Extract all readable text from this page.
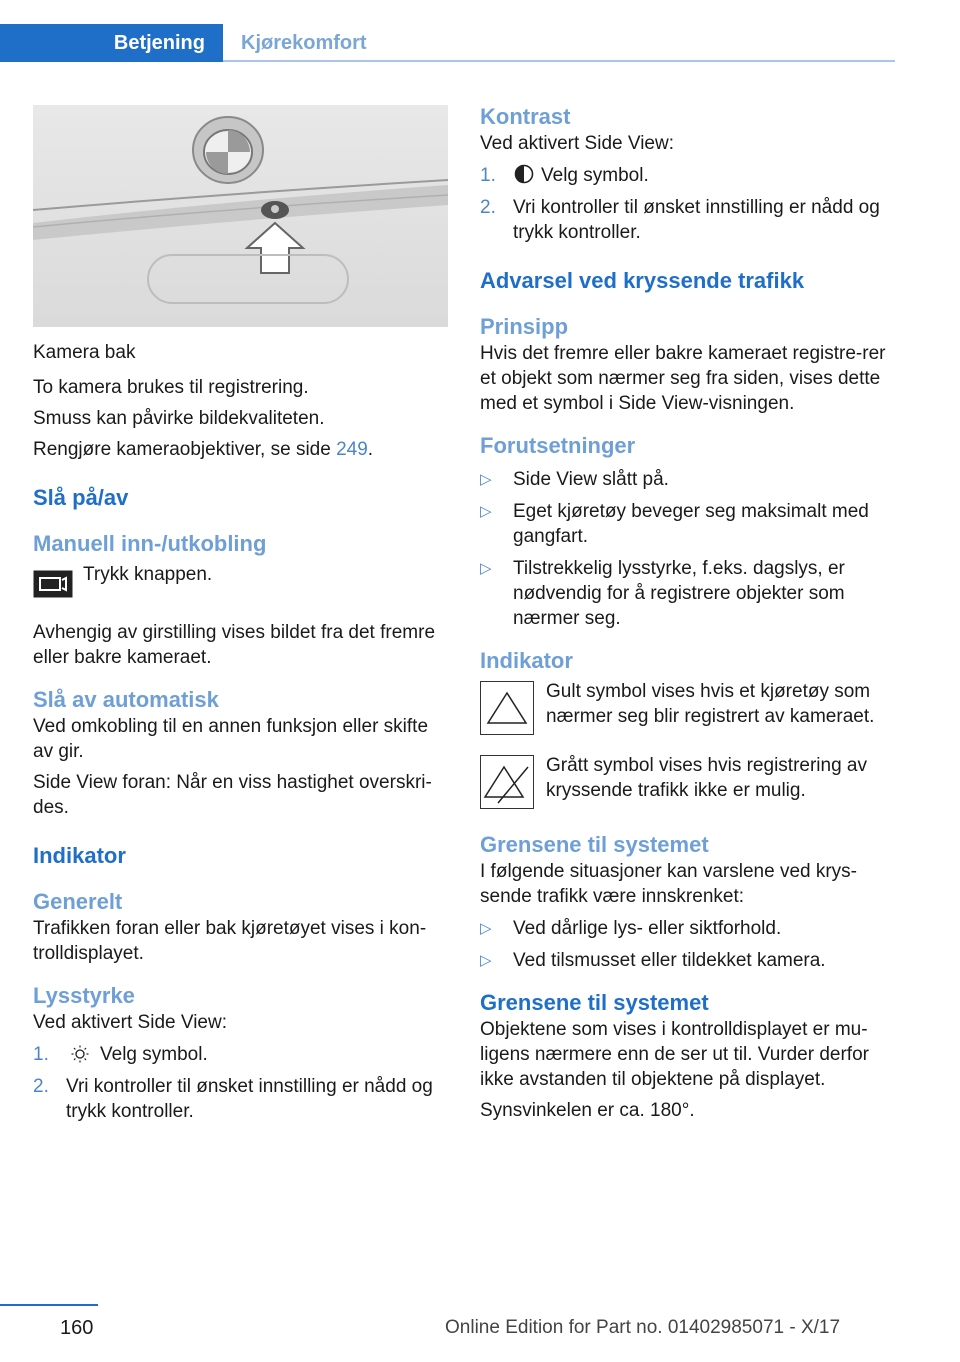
Betjening Kjørekomfort

Kamera bak

To kamera brukes til registrering.

Smuss kan påvirke bildekvaliteten.

Rengjøre kameraobjektiver, se side 249.

Slå på/av
Manuell inn-/utkobling

Trykk knappen.

Avhengig av girstilling vises bildet fra det fremre eller bakre kameraet.

Slå av automatisk

Ved omkobling til en annen funksjon eller skifte av gir.

Side View foran: Når en viss hastighet overskri-des.

Indikator
Generelt

Trafikken foran eller bak kjøretøyet vises i kon-trolldisplayet.

Lysstyrke

Ved aktivert Side View:

1.	Velg symbol.
2. Vri kontroller til ønsket innstilling er nådd og trykk kontroller.
Kontrast

Ved aktivert Side View:

1.	Velg symbol.
2. Vri kontroller til ønsket innstilling er nådd og trykk kontroller.
Advarsel ved kryssende trafikk
Prinsipp

Hvis det fremre eller bakre kameraet registre-rer et objekt som nærmer seg fra siden, vises dette med et symbol i Side View-visningen.

Forutsetninger
▷	Side View slått på.
▷	Eget kjøretøy beveger seg maksimalt med gangfart.
▷	Tilstrekkelig lysstyrke, f.eks. dagslys, er nødvendig for å registrere objekter som nærmer seg.
Indikator

Gult symbol vises hvis et kjøretøy som nærmer seg blir registrert av kameraet.

Grått symbol vises hvis registrering av kryssende trafikk ikke er mulig.

Grensene til systemet

I følgende situasjoner kan varslene ved krys-sende trafikk være innskrenket:

▷	Ved dårlige lys- eller siktforhold.
▷	Ved tilsmusset eller tildekket kamera.
Grensene til systemet

Objektene som vises i kontrolldisplayet er mu-ligens nærmere enn de ser ut til. Vurder derfor ikke avstanden til objektene på displayet.

Synsvinkelen er ca. 180°.

160	Online Edition for Part no. 01402985071 - X/17
